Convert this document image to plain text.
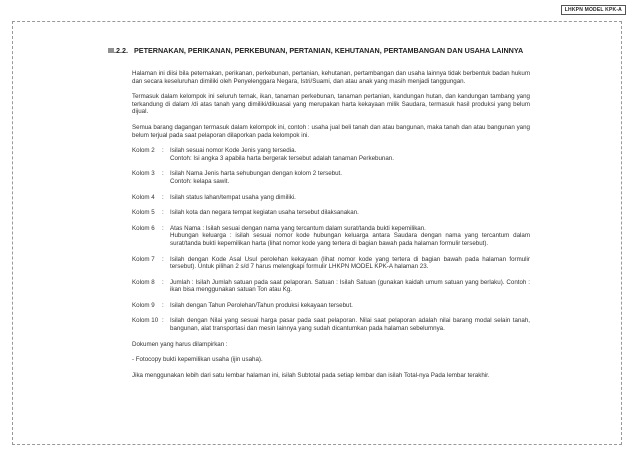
LHKPN MODEL KPK-A
III.2.2. PETERNAKAN, PERIKANAN, PERKEBUNAN, PERTANIAN, KEHUTANAN, PERTAMBANGAN DAN USAHA LAINNYA

Halaman ini diisi bila peternakan, perikanan, perkebunan, pertanian, kehutanan, pertambangan dan usaha lainnya tidak berbentuk badan hukum dan secara keseluruhan dimiliki oleh Penyelenggara Negara, Istri/Suami, dan atau anak yang masih menjadi tanggungan.

Termasuk dalam kelompok ini seluruh ternak, ikan, tanaman perkebunan, tanaman pertanian, kandungan hutan, dan kandungan tambang yang terkandung di dalam /di atas tanah yang dimiliki/dikuasai yang merupakan harta kekayaan milik Saudara, termasuk hasil produksi yang belum dijual.

Semua barang dagangan termasuk dalam kelompok ini, contoh : usaha jual beli tanah dan atau bangunan, maka tanah dan atau bangunan yang belum terjual pada saat pelaporan dilaporkan pada kelompok ini.

Kolom 2	:	Isilah sesuai nomor Kode Jenis yang tersedia.
Contoh: Isi angka 3 apabila harta bergerak tersebut adalah tanaman Perkebunan.
Kolom 3	:	Isilah Nama Jenis harta sehubungan dengan kolom 2 tersebut.
Contoh: kelapa sawit.
Kolom 4	:	Isilah status lahan/tempat usaha yang dimiliki.
Kolom 5	:	Isilah kota dan negara tempat kegiatan usaha tersebut dilaksanakan.
Kolom 6	:	Atas Nama : Isilah sesuai dengan nama yang tercantum dalam surat/tanda bukti kepemilikan.
Hubungan keluarga : isilah sesuai nomor kode hubungan keluarga antara Saudara dengan nama yang tercantum dalam surat/tanda bukti kepemilikan harta (lihat nomor kode yang tertera di bagian bawah pada halaman formulir tersebut).
Kolom 7	:	Isilah dengan Kode Asal Usul perolehan kekayaan (lihat nomor kode yang tertera di bagian bawah pada halaman formulir tersebut). Untuk pilihan 2 s/d 7 harus melengkapi formulir LHKPN MODEL KPK-A halaman 23.
Kolom 8	:	Jumlah : Isilah Jumlah satuan pada saat pelaporan. Satuan : Isilah Satuan (gunakan kaidah umum satuan yang berlaku). Contoh : ikan bisa menggunakan satuan Ton atau Kg.
Kolom 9	:	Isilah dengan Tahun Perolehan/Tahun produksi kekayaan tersebut.
Kolom 10 :	Isilah dengan Nilai yang sesuai harga pasar pada saat pelaporan. Nilai saat pelaporan adalah nilai barang modal selain tanah, bangunan, alat transportasi dan mesin lainnya yang sudah dicantumkan pada halaman sebelumnya.

Dokumen yang harus dilampirkan :

- Fotocopy bukti kepemilikan usaha (ijin usaha).

Jika menggunakan lebih dari satu lembar halaman ini, isilah Subtotal pada setiap lembar dan isilah Total-nya Pada lembar terakhir.
